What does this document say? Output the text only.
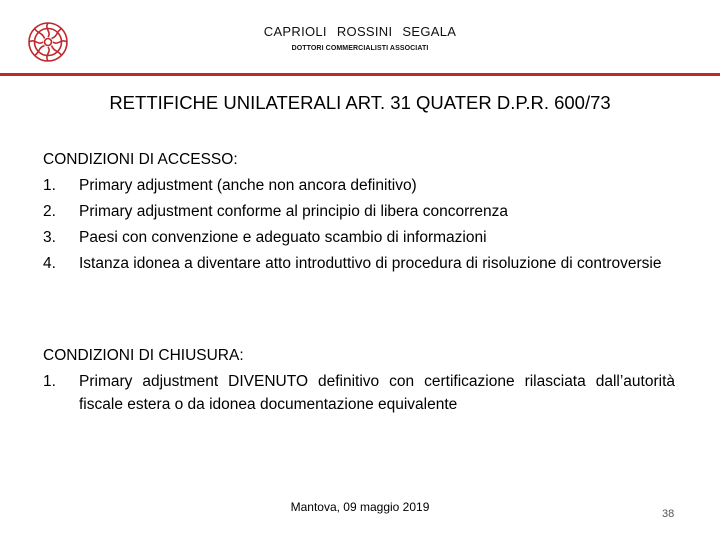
CAPRIOLI ROSSINI SEGALA
DOTTORI COMMERCIALISTI ASSOCIATI
RETTIFICHE UNILATERALI ART. 31 QUATER D.P.R. 600/73
CONDIZIONI DI ACCESSO:
1.	Primary adjustment (anche non ancora definitivo)
2.	Primary adjustment conforme al principio di libera concorrenza
3.	Paesi con convenzione e adeguato scambio di informazioni
4.	Istanza idonea a diventare atto introduttivo di procedura di risoluzione di controversie
CONDIZIONI DI CHIUSURA:
1.	Primary adjustment DIVENUTO definitivo con certificazione rilasciata dall’autorità fiscale estera o da idonea documentazione equivalente
Mantova, 09 maggio 2019	38
